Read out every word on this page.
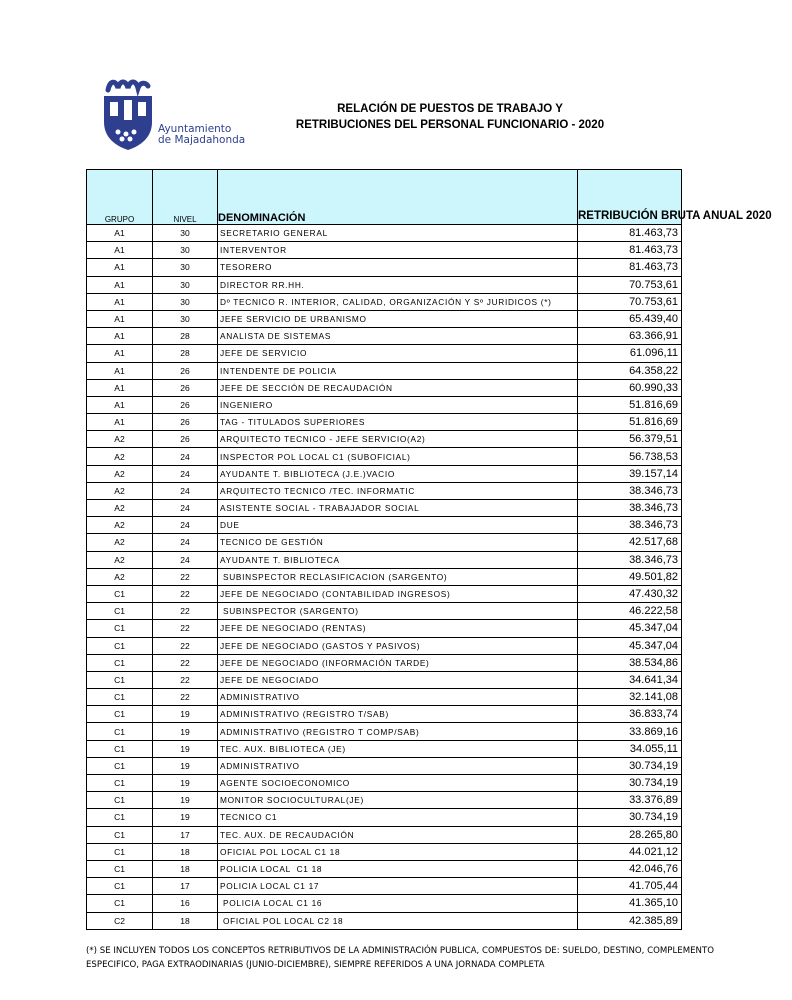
Ayuntamiento
de Majadahonda
RELACIÓN DE PUESTOS DE TRABAJO Y
RETRIBUCIONES DEL PERSONAL FUNCIONARIO - 2020
GRUPO	NIVEL	DENOMINACIÓN	RETRIBUCIÓN BRUTA ANUAL 2020
A1	30	SECRETARIO GENERAL	81.463,73
A1	30	INTERVENTOR	81.463,73
A1	30	TESORERO	81.463,73
A1	30	DIRECTOR RR.HH.	70.753,61
A1	30	Dº TECNICO R. INTERIOR, CALIDAD, ORGANIZACIÓN Y Sº JURIDICOS (*)	70.753,61
A1	30	JEFE SERVICIO DE URBANISMO	65.439,40
A1	28	ANALISTA DE SISTEMAS	63.366,91
A1	28	JEFE DE SERVICIO	61.096,11
A1	26	INTENDENTE DE POLICIA	64.358,22
A1	26	JEFE DE SECCIÓN DE RECAUDACIÓN	60.990,33
A1	26	INGENIERO	51.816,69
A1	26	TAG - TITULADOS SUPERIORES	51.816,69
A2	26	ARQUITECTO TECNICO - JEFE SERVICIO(A2)	56.379,51
A2	24	INSPECTOR POL LOCAL C1 (SUBOFICIAL)	56.738,53
A2	24	AYUDANTE T. BIBLIOTECA (J.E.)VACIO	39.157,14
A2	24	ARQUITECTO TECNICO /TEC. INFORMATIC	38.346,73
A2	24	ASISTENTE SOCIAL - TRABAJADOR SOCIAL	38.346,73
A2	24	DUE	38.346,73
A2	24	TECNICO DE GESTIÓN	42.517,68
A2	24	AYUDANTE T. BIBLIOTECA	38.346,73
A2	22	SUBINSPECTOR RECLASIFICACION (SARGENTO)	49.501,82
C1	22	JEFE DE NEGOCIADO (CONTABILIDAD INGRESOS)	47.430,32
C1	22	SUBINSPECTOR (SARGENTO)	46.222,58
C1	22	JEFE DE NEGOCIADO (RENTAS)	45.347,04
C1	22	JEFE DE NEGOCIADO (GASTOS Y PASIVOS)	45.347,04
C1	22	JEFE DE NEGOCIADO (INFORMACIÓN TARDE)	38.534,86
C1	22	JEFE DE NEGOCIADO	34.641,34
C1	22	ADMINISTRATIVO	32.141,08
C1	19	ADMINISTRATIVO (REGISTRO T/SAB)	36.833,74
C1	19	ADMINISTRATIVO (REGISTRO T COMP/SAB)	33.869,16
C1	19	TEC. AUX. BIBLIOTECA (JE)	34.055,11
C1	19	ADMINISTRATIVO	30.734,19
C1	19	AGENTE SOCIOECONOMICO	30.734,19
C1	19	MONITOR SOCIOCULTURAL(JE)	33.376,89
C1	19	TECNICO C1	30.734,19
C1	17	TEC. AUX. DE RECAUDACIÓN	28.265,80
C1	18	OFICIAL POL LOCAL C1 18	44.021,12
C1	18	POLICIA LOCAL  C1 18	42.046,76
C1	17	POLICIA LOCAL C1 17	41.705,44
C1	16	POLICIA LOCAL C1 16	41.365,10
C2	18	OFICIAL POL LOCAL C2 18	42.385,89
(*) SE INCLUYEN TODOS LOS CONCEPTOS RETRIBUTIVOS DE LA ADMINISTRACIÓN PUBLICA, COMPUESTOS DE: SUELDO, DESTINO, COMPLEMENTO ESPECIFICO, PAGA EXTRAODINARIAS (JUNIO-DICIEMBRE), SIEMPRE REFERIDOS A UNA JORNADA COMPLETA
